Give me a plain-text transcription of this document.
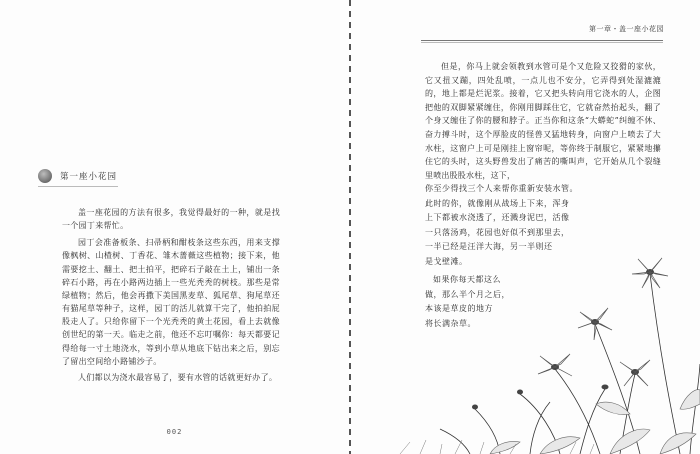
第一座小花园

盖一座花园的方法有很多，我觉得最好的一种，就是找一个园丁来帮忙。

园丁会准备板条、扫帚柄和酣枝条这些东西，用来支撑像枫树、山楂树、丁香花、雏木蔷薇这些植物；接下来，他需要挖土、翻土、把土拍平，把碎石子敲在土上，铺出一条碎石小路，再在小路两边插上一些光秃秃的树枝。那些是常绿植物；然后，他会再撒下美国黑麦草、狐尾草、狗尾草还有猫尾草等种子，这样，园丁的活儿就算干完了，他拍拍屁股走人了。只给你留下一个光秃秃的黄土花园，看上去就像创世纪的第一天。临走之前，他还不忘叮嘱你：每天都要记得给每一寸土地浇水，等到小草从地底下钻出来之后，别忘了留出空间给小路铺沙子。

人们都以为浇水最容易了，要有水管的话就更好办了。

002
第一章・盖一座小花园

但是，你马上就会领教到水管可是个又危险又狡猾的家伙，它又扭又蹦，四处乱喷，一点儿也不安分，它弄得到处湿漉漉的，地上都是烂泥浆。接着，它又把头转向用它浇水的人，企图把他的双脚紧紧缠住，你刚用脚踩住它，它就奋然抬起头，翻了个身又缠住了你的腰和脖子。正当你和这条“大蟒蛇”纠缠不休、奋力搏斗时，这个厚脸皮的怪兽又猛地转身，向窗户上喷去了大水柱，这窗户上可是刚挂上窗帘呢，等你终于制服它，紧紧地攥住它的头时，这头野兽发出了痛苦的嘶叫声，它开始从几个裂缝里喷出股股水柱，这下，

你至少得找三个人来帮你重新安装水管。
此时的你，就像刚从战场上下来，浑身
上下都被水浇透了，还溅身泥巴，活像
一只落汤鸡，花园也好似不到那里去，
一半已经是汪洋大海，另一半则还
是戈壁滩。
如果你每天都这么
做，那么半个月之后，
本该是草皮的地方
将长满杂草。
